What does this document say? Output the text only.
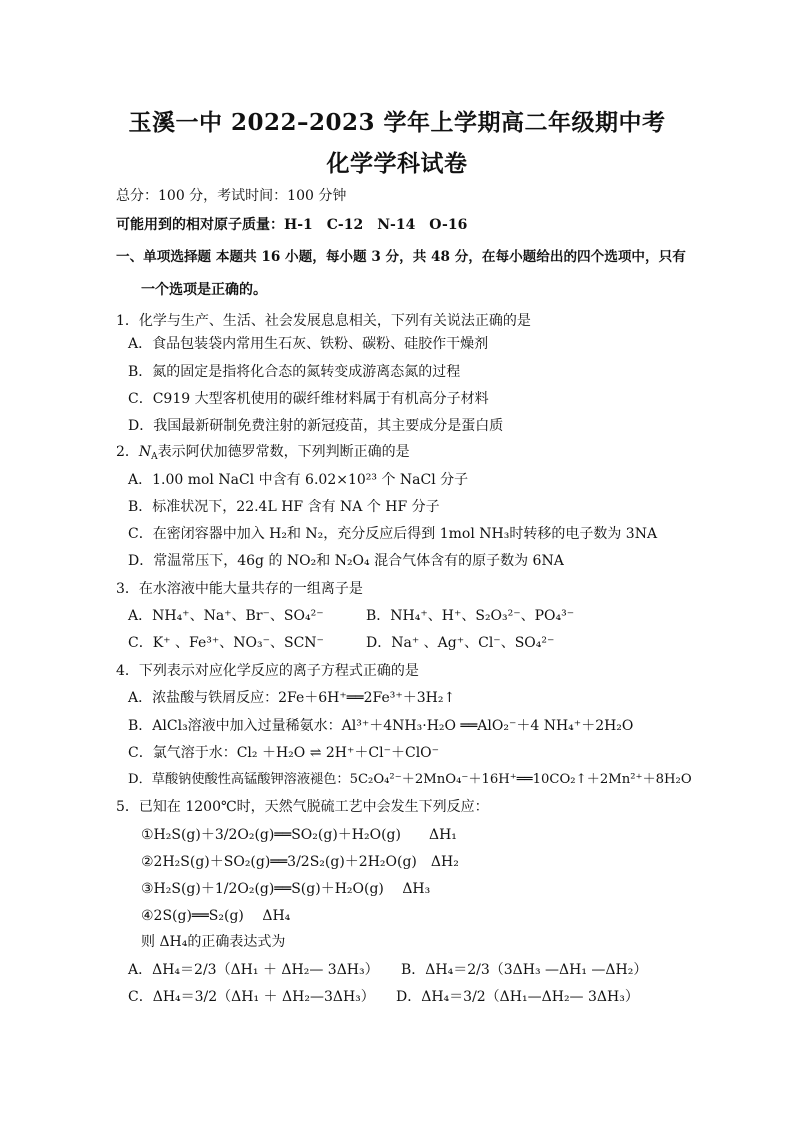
玉溪一中 2022–2023 学年上学期高二年级期中考
化学学科试卷
总分：100 分，考试时间：100 分钟
可能用到的相对原子质量：H-1　C-12　N-14　O-16
一、单项选择题 本题共 16 小题，每小题 3 分，共 48 分，在每小题给出的四个选项中，只有
一个选项是正确的。
1．化学与生产、生活、社会发展息息相关，下列有关说法正确的是
A．食品包装袋内常用生石灰、铁粉、碳粉、硅胶作干燥剂
B．氮的固定是指将化合态的氮转变成游离态氮的过程
C．C919 大型客机使用的碳纤维材料属于有机高分子材料
D．我国最新研制免费注射的新冠疫苗，其主要成分是蛋白质
2．$N_A$表示阿伏加德罗常数，下列判断正确的是
A．1.00 mol NaCl 中含有 6.02×10²³ 个 NaCl 分子
B．标准状况下，22.4L HF 含有 NA 个 HF 分子
C．在密闭容器中加入 H₂和 N₂，充分反应后得到 1mol NH₃时转移的电子数为 3NA
D．常温常压下，46g 的 NO₂和 N₂O₄ 混合气体含有的原子数为 6NA
3．在水溶液中能大量共存的一组离子是
A．NH₄⁺、Na⁺、Br⁻、SO₄²⁻	B．NH₄⁺、H⁺、S₂O₃²⁻、PO₄³⁻
C．K⁺ 、Fe³⁺、NO₃⁻、SCN⁻	D．Na⁺ 、Ag⁺、Cl⁻、SO₄²⁻
4．下列表示对应化学反应的离子方程式正确的是
A．浓盐酸与铁屑反应：2Fe＋6H⁺══2Fe³⁺＋3H₂↑
B．AlCl₃溶液中加入过量稀氨水：Al³⁺＋4NH₃·H₂O ══AlO₂⁻＋4 NH₄⁺＋2H₂O
C．氯气溶于水：Cl₂ ＋H₂O ⇌ 2H⁺＋Cl⁻＋ClO⁻
D．草酸钠使酸性高锰酸钾溶液褪色：5C₂O₄²⁻＋2MnO₄⁻＋16H⁺══10CO₂↑＋2Mn²⁺＋8H₂O
5．已知在 1200℃时，天然气脱硫工艺中会发生下列反应：
①H₂S(g)＋3/2O₂(g)══SO₂(g)＋H₂O(g)　　ΔH₁
②2H₂S(g)＋SO₂(g)══3/2S₂(g)＋2H₂O(g)　ΔH₂
③H₂S(g)＋1/2O₂(g)══S(g)＋H₂O(g)　 ΔH₃
④2S(g)══S₂(g)　 ΔH₄
则 ΔH₄的正确表达式为
A．ΔH₄＝2/3（ΔH₁ ＋ ΔH₂— 3ΔH₃） B．ΔH₄＝2/3（3ΔH₃ —ΔH₁ —ΔH₂）
C．ΔH₄＝3/2（ΔH₁ ＋ ΔH₂—3ΔH₃） D．ΔH₄＝3/2（ΔH₁—ΔH₂— 3ΔH₃）
